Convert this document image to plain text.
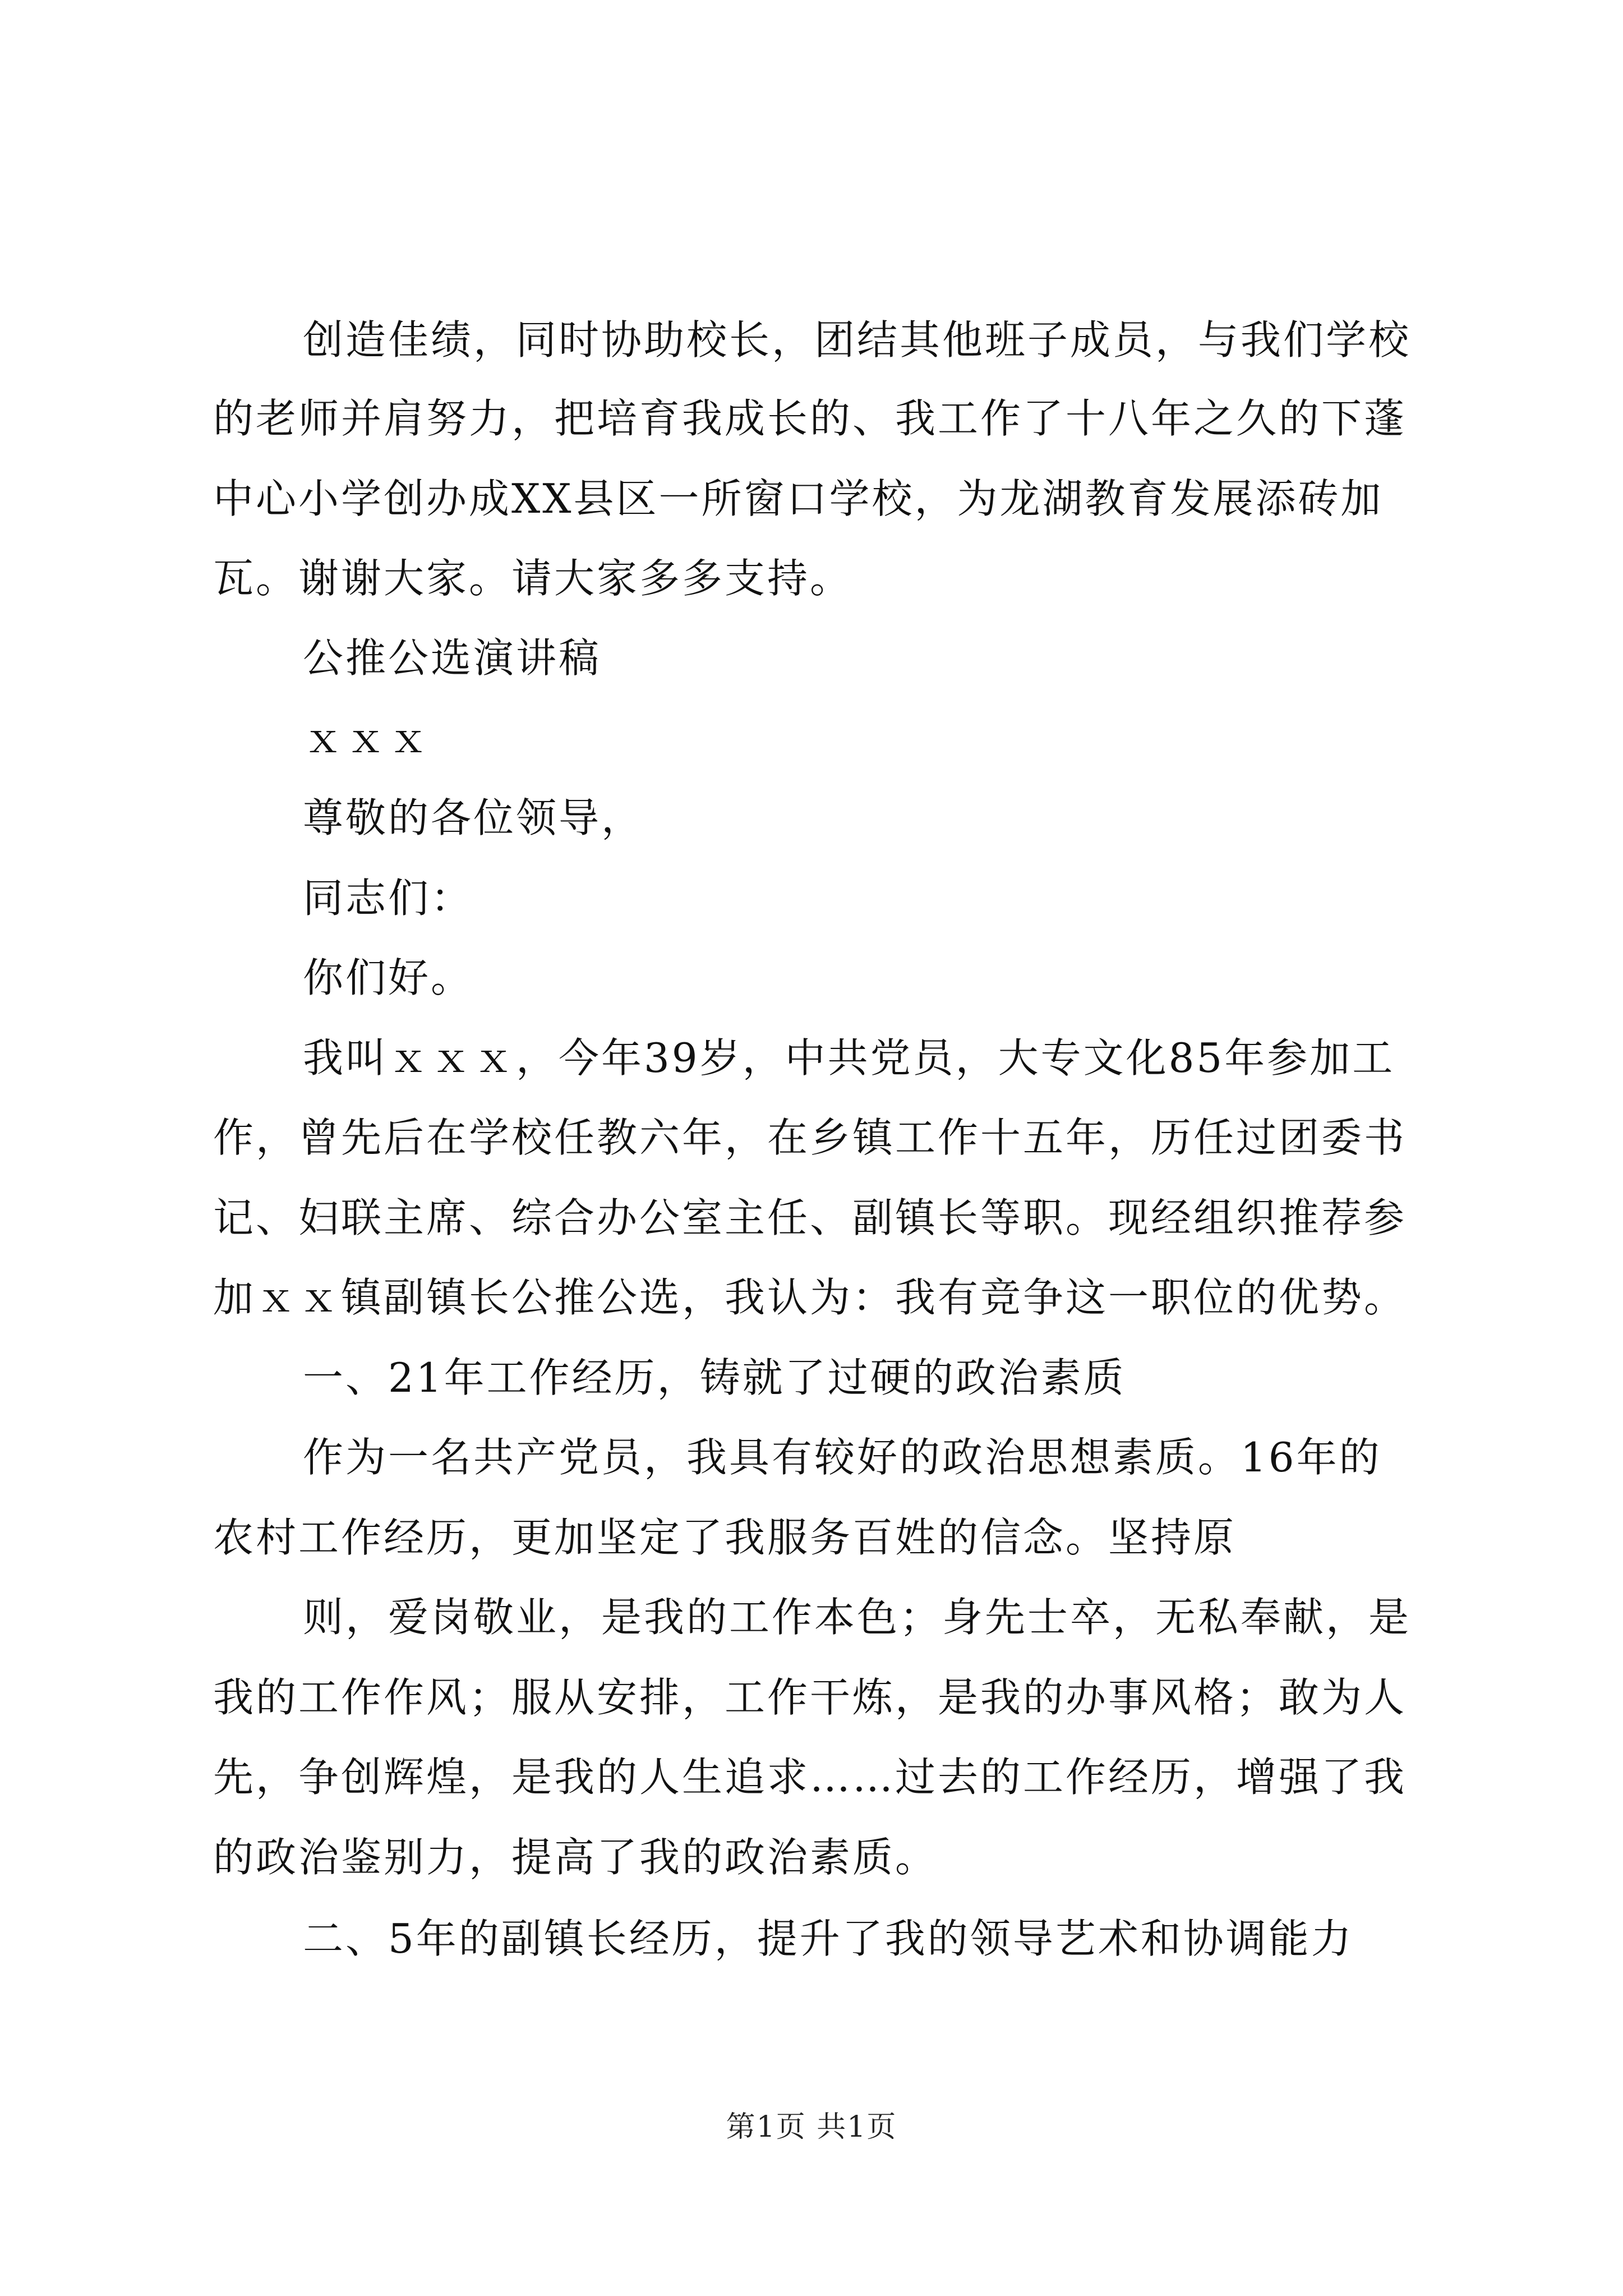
创造佳绩，同时协助校长，团结其他班子成员，与我们学校
的老师并肩努力，把培育我成长的、我工作了十八年之久的下蓬
中心小学创办成XX县区一所窗口学校，为龙湖教育发展添砖加
瓦。谢谢大家。请大家多多支持。
公推公选演讲稿
ｘｘｘ
尊敬的各位领导，
同志们：
你们好。
我叫ｘｘｘ，今年39岁，中共党员，大专文化85年参加工
作，曾先后在学校任教六年，在乡镇工作十五年，历任过团委书
记、妇联主席、综合办公室主任、副镇长等职。现经组织推荐参
加ｘｘ镇副镇长公推公选，我认为：我有竞争这一职位的优势。
一、21年工作经历，铸就了过硬的政治素质
作为一名共产党员，我具有较好的政治思想素质。16年的
农村工作经历，更加坚定了我服务百姓的信念。坚持原
则，爱岗敬业，是我的工作本色；身先士卒，无私奉献，是
我的工作作风；服从安排，工作干炼，是我的办事风格；敢为人
先，争创辉煌，是我的人生追求……过去的工作经历，增强了我
的政治鉴别力，提高了我的政治素质。
二、5年的副镇长经历，提升了我的领导艺术和协调能力
第1页 共1页
